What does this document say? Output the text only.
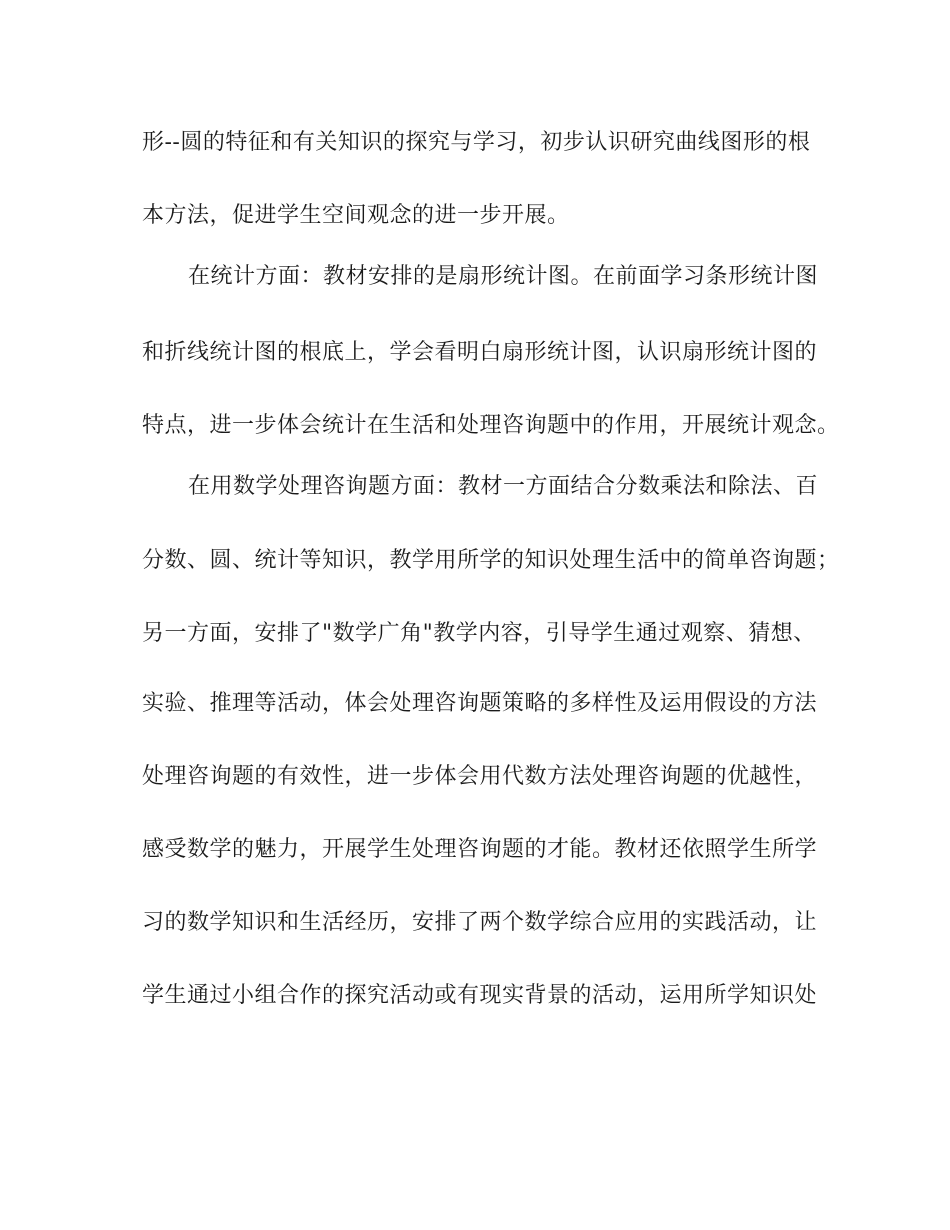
形--圆的特征和有关知识的探究与学习，初步认识研究曲线图形的根
本方法，促进学生空间观念的进一步开展。
在统计方面：教材安排的是扇形统计图。在前面学习条形统计图
和折线统计图的根底上，学会看明白扇形统计图，认识扇形统计图的
特点，进一步体会统计在生活和处理咨询题中的作用，开展统计观念。
在用数学处理咨询题方面：教材一方面结合分数乘法和除法、百
分数、圆、统计等知识，教学用所学的知识处理生活中的简单咨询题；
另一方面，安排了"数学广角"教学内容，引导学生通过观察、猜想、
实验、推理等活动，体会处理咨询题策略的多样性及运用假设的方法
处理咨询题的有效性，进一步体会用代数方法处理咨询题的优越性，
感受数学的魅力，开展学生处理咨询题的才能。教材还依照学生所学
习的数学知识和生活经历，安排了两个数学综合应用的实践活动，让
学生通过小组合作的探究活动或有现实背景的活动，运用所学知识处
